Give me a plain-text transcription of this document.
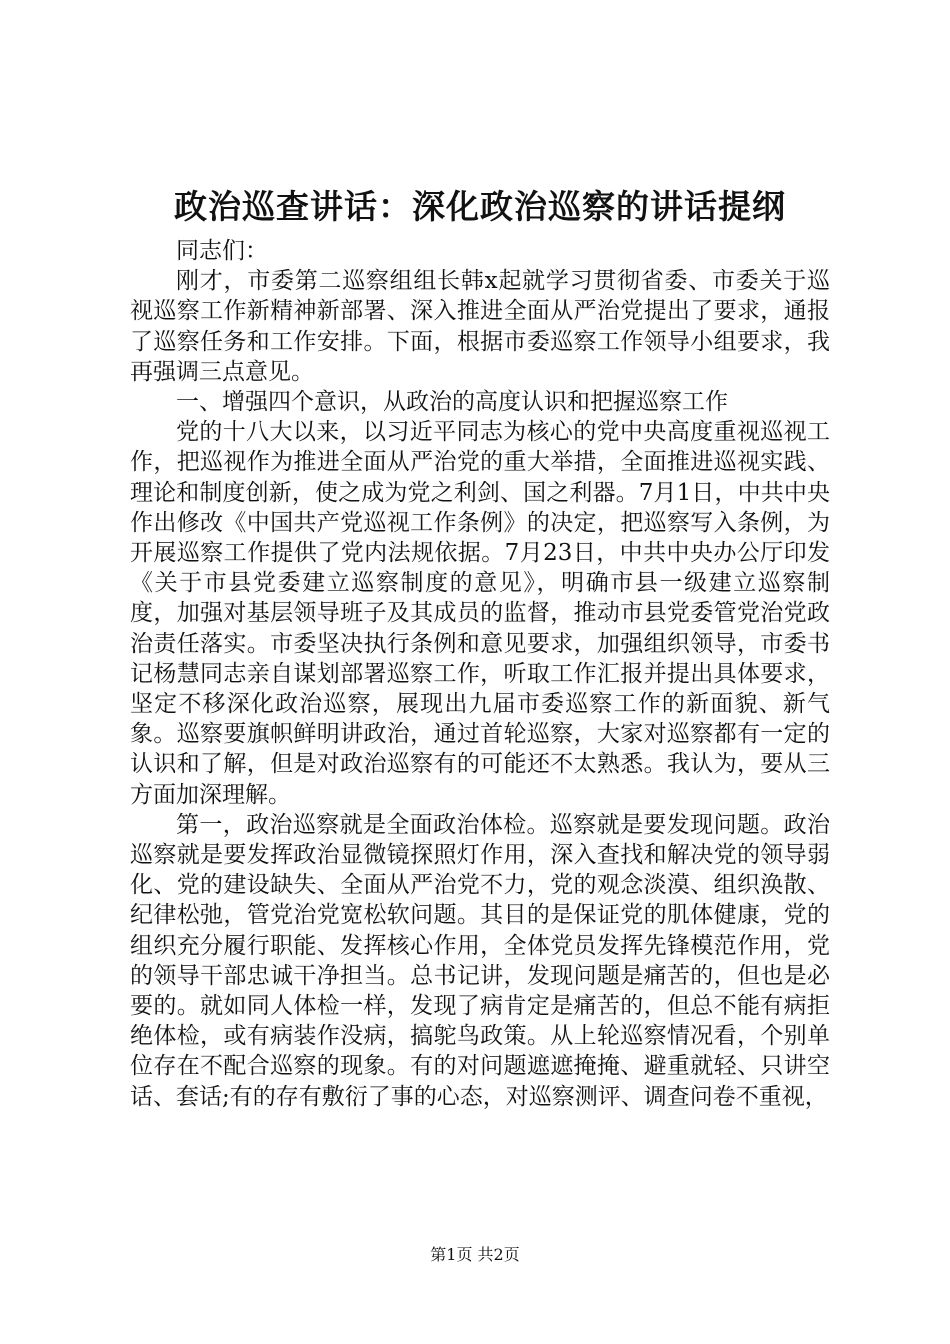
政治巡查讲话：深化政治巡察的讲话提纲

同志们：

刚才，市委第二巡察组组长韩x起就学习贯彻省委、市委关于巡视巡察工作新精神新部署、深入推进全面从严治党提出了要求，通报了巡察任务和工作安排。下面，根据市委巡察工作领导小组要求，我再强调三点意见。

一、增强四个意识，从政治的高度认识和把握巡察工作

党的十八大以来，以习近平同志为核心的党中央高度重视巡视工作，把巡视作为推进全面从严治党的重大举措，全面推进巡视实践、理论和制度创新，使之成为党之利剑、国之利器。7月1日，中共中央作出修改《中国共产党巡视工作条例》的决定，把巡察写入条例，为开展巡察工作提供了党内法规依据。7月23日，中共中央办公厅印发《关于市县党委建立巡察制度的意见》，明确市县一级建立巡察制度，加强对基层领导班子及其成员的监督，推动市县党委管党治党政治责任落实。市委坚决执行条例和意见要求，加强组织领导，市委书记杨慧同志亲自谋划部署巡察工作，听取工作汇报并提出具体要求，坚定不移深化政治巡察，展现出九届市委巡察工作的新面貌、新气象。巡察要旗帜鲜明讲政治，通过首轮巡察，大家对巡察都有一定的认识和了解，但是对政治巡察有的可能还不太熟悉。我认为，要从三方面加深理解。

第一，政治巡察就是全面政治体检。巡察就是要发现问题。政治巡察就是要发挥政治显微镜探照灯作用，深入查找和解决党的领导弱化、党的建设缺失、全面从严治党不力，党的观念淡漠、组织涣散、纪律松弛，管党治党宽松软问题。其目的是保证党的肌体健康，党的组织充分履行职能、发挥核心作用，全体党员发挥先锋模范作用，党的领导干部忠诚干净担当。总书记讲，发现问题是痛苦的，但也是必要的。就如同人体检一样，发现了病肯定是痛苦的，但总不能有病拒绝体检，或有病装作没病，搞鸵鸟政策。从上轮巡察情况看，个别单位存在不配合巡察的现象。有的对问题遮遮掩掩、避重就轻、只讲空话、套话;有的存有敷衍了事的心态，对巡察测评、调查问卷不重视，

第1页 共2页
